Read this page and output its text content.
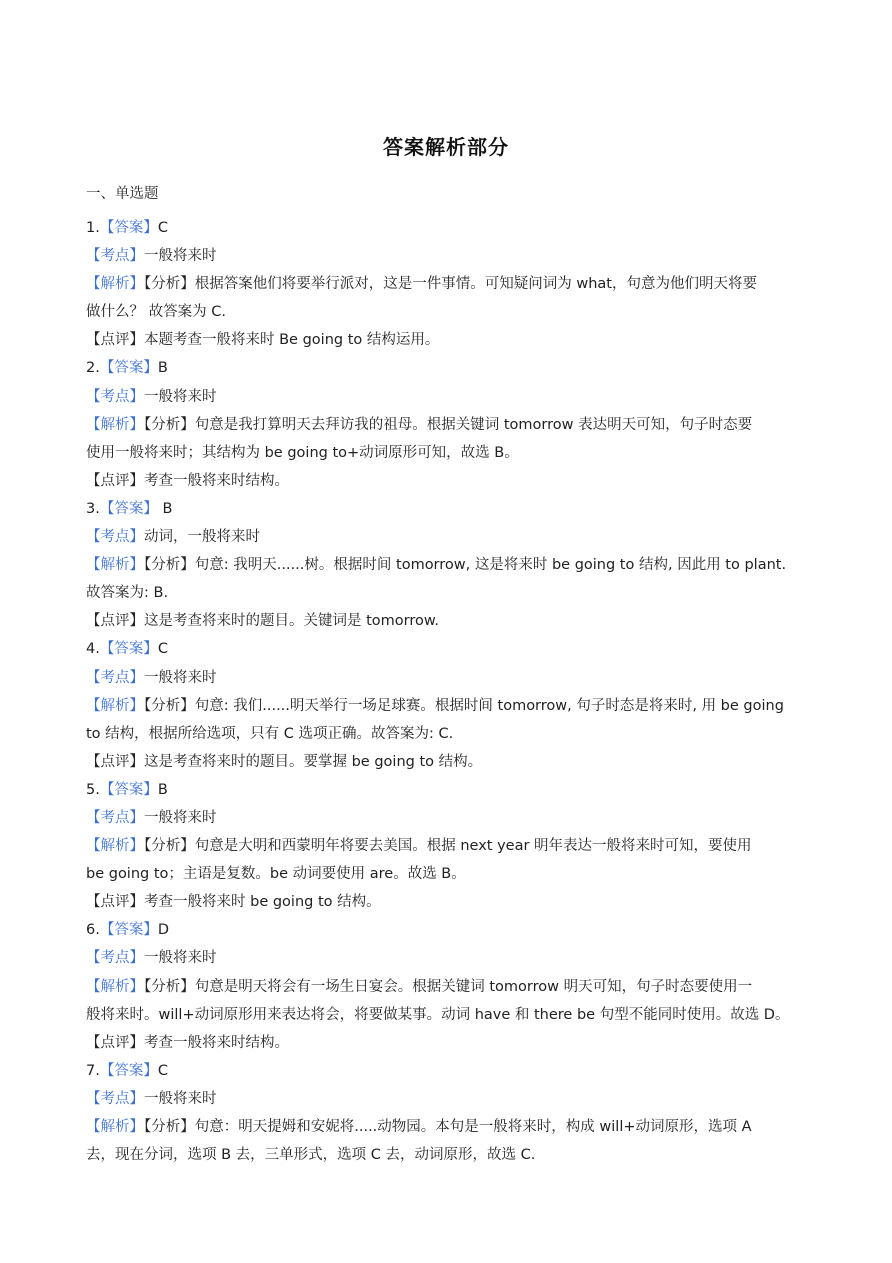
答案解析部分
一、单选题
1.【答案】C
【考点】一般将来时
【解析】【分析】根据答案他们将要举行派对，这是一件事情。可知疑问词为 what，句意为他们明天将要
做什么？ 故答案为 C.
【点评】本题考查一般将来时 Be going to 结构运用。
2.【答案】B
【考点】一般将来时
【解析】【分析】句意是我打算明天去拜访我的祖母。根据关键词 tomorrow 表达明天可知，句子时态要
使用一般将来时；其结构为 be going to+动词原形可知，故选 B。
【点评】考查一般将来时结构。
3.【答案】 B
【考点】动词，一般将来时
【解析】【分析】句意: 我明天......树。根据时间 tomorrow, 这是将来时 be going to 结构, 因此用 to plant.
故答案为: B.
【点评】这是考查将来时的题目。关键词是 tomorrow.
4.【答案】C
【考点】一般将来时
【解析】【分析】句意: 我们......明天举行一场足球赛。根据时间 tomorrow, 句子时态是将来时, 用 be going
to 结构，根据所给选项，只有 C 选项正确。故答案为: C.
【点评】这是考查将来时的题目。要掌握 be going to 结构。
5.【答案】B
【考点】一般将来时
【解析】【分析】句意是大明和西蒙明年将要去美国。根据 next year 明年表达一般将来时可知，要使用
be going to；主语是复数。be 动词要使用 are。故选 B。
【点评】考查一般将来时 be going to 结构。
6.【答案】D
【考点】一般将来时
【解析】【分析】句意是明天将会有一场生日宴会。根据关键词 tomorrow 明天可知，句子时态要使用一
般将来时。will+动词原形用来表达将会，将要做某事。动词 have 和 there be 句型不能同时使用。故选 D。
【点评】考查一般将来时结构。
7.【答案】C
【考点】一般将来时
【解析】【分析】句意：明天提姆和安妮将.....动物园。本句是一般将来时，构成 will+动词原形，选项 A
去，现在分词，选项 B 去，三单形式，选项 C 去，动词原形，故选 C.
